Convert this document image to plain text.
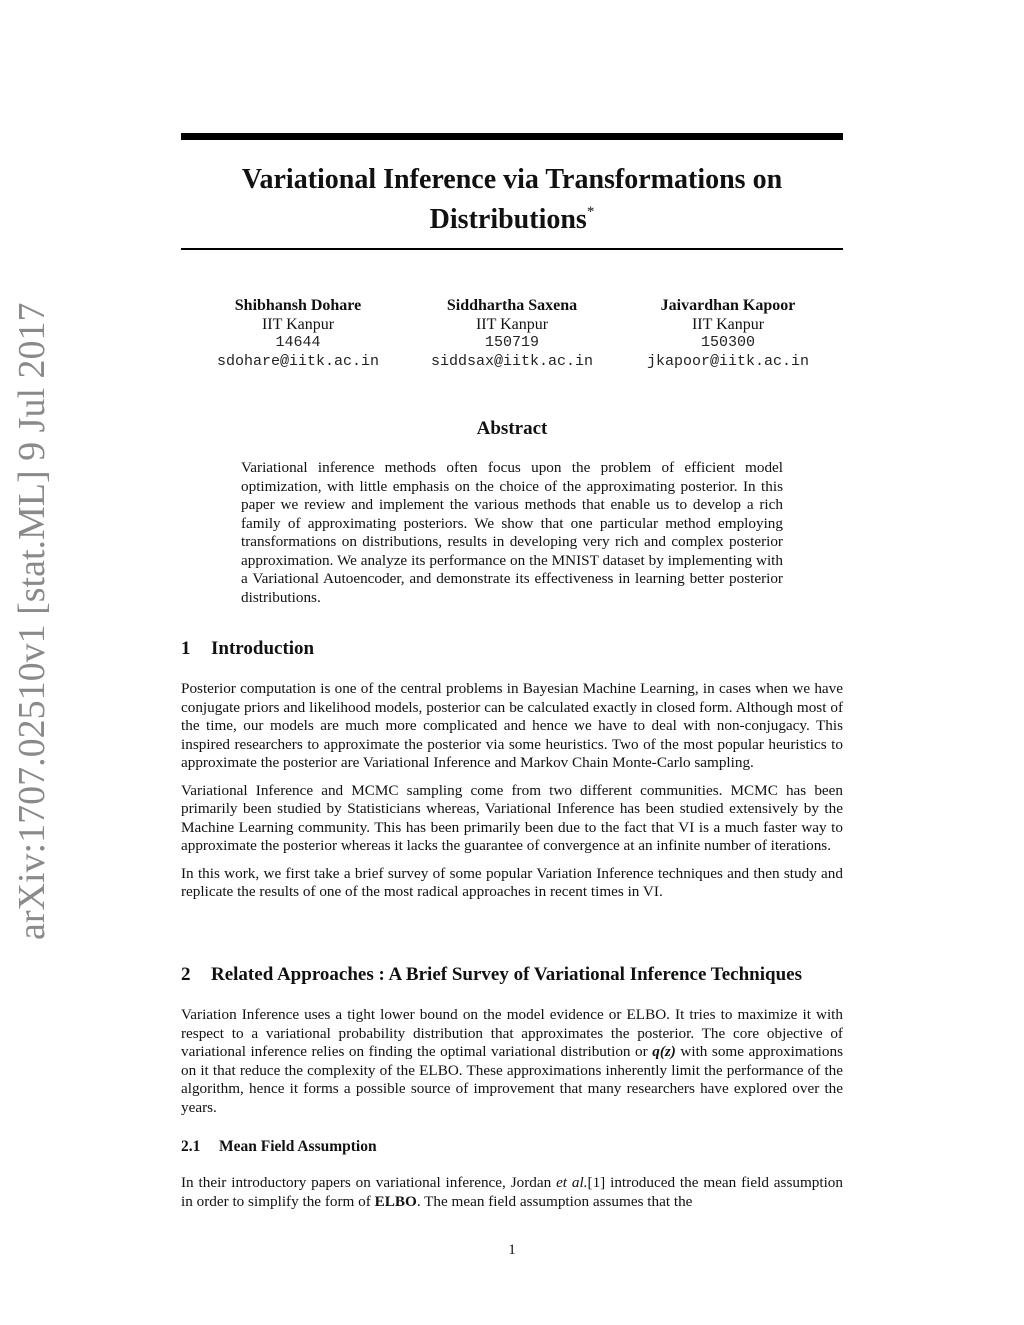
arXiv:1707.02510v1 [stat.ML] 9 Jul 2017
Variational Inference via Transformations on Distributions*
Shibhansh Dohare
IIT Kanpur
14644
sdohare@iitk.ac.in
Siddhartha Saxena
IIT Kanpur
150719
siddsax@iitk.ac.in
Jaivardhan Kapoor
IIT Kanpur
150300
jkapoor@iitk.ac.in
Abstract
Variational inference methods often focus upon the problem of efficient model optimization, with little emphasis on the choice of the approximating posterior. In this paper we review and implement the various methods that enable us to develop a rich family of approximating posteriors. We show that one particular method employing transformations on distributions, results in developing very rich and complex posterior approximation. We analyze its performance on the MNIST dataset by implementing with a Variational Autoencoder, and demonstrate its effectiveness in learning better posterior distributions.
1 Introduction

Posterior computation is one of the central problems in Bayesian Machine Learning, in cases when we have conjugate priors and likelihood models, posterior can be calculated exactly in closed form. Although most of the time, our models are much more complicated and hence we have to deal with non-conjugacy. This inspired researchers to approximate the posterior via some heuristics. Two of the most popular heuristics to approximate the posterior are Variational Inference and Markov Chain Monte-Carlo sampling.

Variational Inference and MCMC sampling come from two different communities. MCMC has been primarily been studied by Statisticians whereas, Variational Inference has been studied extensively by the Machine Learning community. This has been primarily been due to the fact that VI is a much faster way to approximate the posterior whereas it lacks the guarantee of convergence at an infinite number of iterations.

In this work, we first take a brief survey of some popular Variation Inference techniques and then study and replicate the results of one of the most radical approaches in recent times in VI.

2 Related Approaches : A Brief Survey of Variational Inference Techniques

Variation Inference uses a tight lower bound on the model evidence or ELBO. It tries to maximize it with respect to a variational probability distribution that approximates the posterior. The core objective of variational inference relies on finding the optimal variational distribution or q(z) with some approximations on it that reduce the complexity of the ELBO. These approximations inherently limit the performance of the algorithm, hence it forms a possible source of improvement that many researchers have explored over the years.

2.1 Mean Field Assumption

In their introductory papers on variational inference, Jordan et al.[1] introduced the mean field assumption in order to simplify the form of ELBO. The mean field assumption assumes that the

1
